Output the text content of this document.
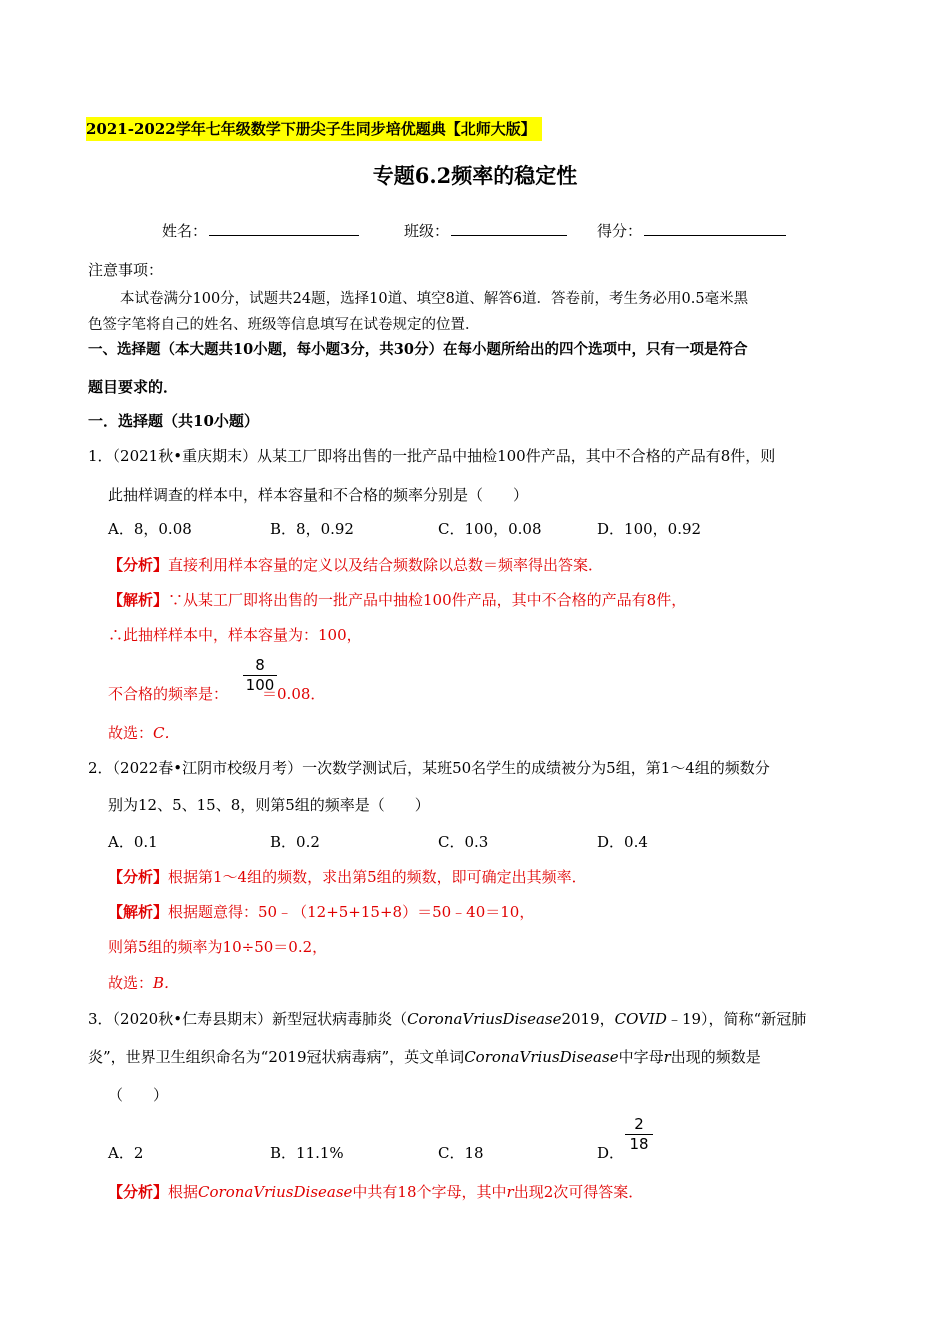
2021-2022学年七年级数学下册尖子生同步培优题典【北师大版】
专题6.2频率的稳定性
姓名：	班级：	得分：
注意事项：
本试卷满分100分，试题共24题，选择10道、填空8道、解答6道．答卷前，考生务必用0.5毫米黑
色签字笔将自己的姓名、班级等信息填写在试卷规定的位置．
一、选择题（本大题共10小题，每小题3分，共30分）在每小题所给出的四个选项中，只有一项是符合
题目要求的．
一．选择题（共10小题）
1．（2021秋•重庆期末）从某工厂即将出售的一批产品中抽检100件产品，其中不合格的产品有8件，则
此抽样调查的样本中，样本容量和不合格的频率分别是（　　）
A．8，0.08	B．8，0.92	C．100，0.08	D．100，0.92
【分析】直接利用样本容量的定义以及结合频数除以总数＝频率得出答案．
【解析】∵从某工厂即将出售的一批产品中抽检100件产品，其中不合格的产品有8件，
∴此抽样样本中，样本容量为：100，
不合格的频率是： ＝0.08．
8
100
故选：C．
2．（2022春•江阴市校级月考）一次数学测试后，某班50名学生的成绩被分为5组，第1～4组的频数分
别为12、5、15、8，则第5组的频率是（　　）
A．0.1	B．0.2	C．0.3	D．0.4
【分析】根据第1～4组的频数，求出第5组的频数，即可确定出其频率．
【解析】根据题意得：50﹣（12+5+15+8）＝50﹣40＝10，
则第5组的频率为10÷50＝0.2，
故选：B．
3．（2020秋•仁寿县期末）新型冠状病毒肺炎（CoronaVriusDisease2019，COVID﹣19），简称“新冠肺
炎”，世界卫生组织命名为“2019冠状病毒病”，英文单词CoronaVriusDisease中字母r出现的频数是
（　　）
A．2	B．11.1%	C．18	D．
2
18
【分析】根据CoronaVriusDisease中共有18个字母，其中r出现2次可得答案．
